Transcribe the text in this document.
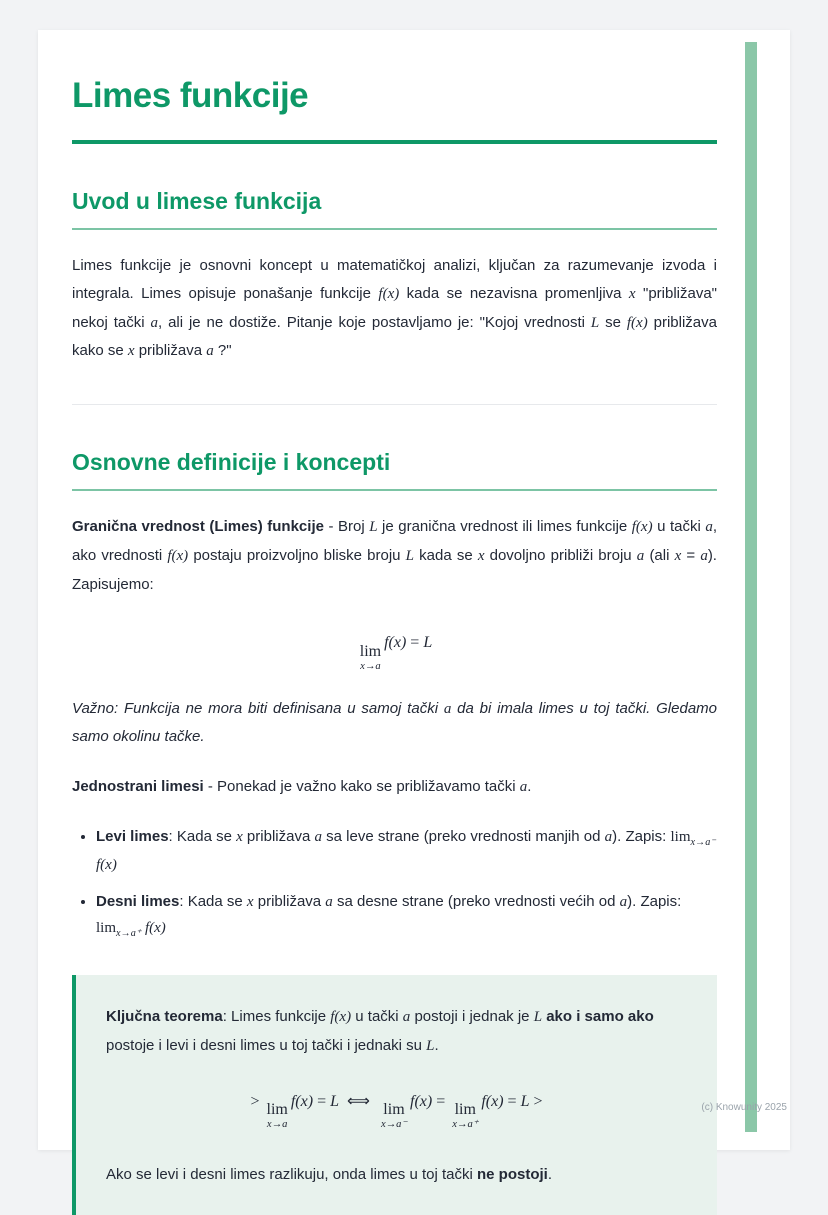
Limes funkcije
Uvod u limese funkcija

Limes funkcije je osnovni koncept u matematičkoj analizi, ključan za razumevanje izvoda i integrala. Limes opisuje ponašanje funkcije f(x) kada se nezavisna promenljiva x "približava" nekoj tački a, ali je ne dostiže. Pitanje koje postavljamo je: "Kojoj vrednosti L se f(x) približava kako se x približava a ?"

Osnovne definicije i koncepti

Granična vrednost (Limes) funkcije - Broj L je granična vrednost ili limes funkcije f(x) u tački a, ako vrednosti f(x) postaju proizvoljno bliske broju L kada se x dovoljno približi broju a (ali x = a). Zapisujemo:

lim
x→a
f(x) = L

Važno: Funkcija ne mora biti definisana u samoj tački a da bi imala limes u toj tački. Gledamo samo okolinu tačke.

Jednostrani limesi - Ponekad je važno kako se približavamo tački a.

• Levi limes: Kada se x približava a sa leve strane (preko vrednosti manjih od a). Zapis: $\lim_{x\to a^-} f(x)$
• Desni limes: Kada se x približava a sa desne strane (preko vrednosti većih od a). Zapis: $\lim_{x\to a^+} f(x)$

Ključna teorema: Limes funkcije f(x) u tački a postoji i jednak je L ako i samo ako postoje i levi i desni limes u toj tački i jednaki su L.

>
lim
x→a
f(x) = L  ⟺
lim
x→a⁻
f(x) =
lim
x→a⁺
f(x) = L >

Ako se levi i desni limes razlikuju, onda limes u toj tački ne postoji.

(c) Knowunity 2025
